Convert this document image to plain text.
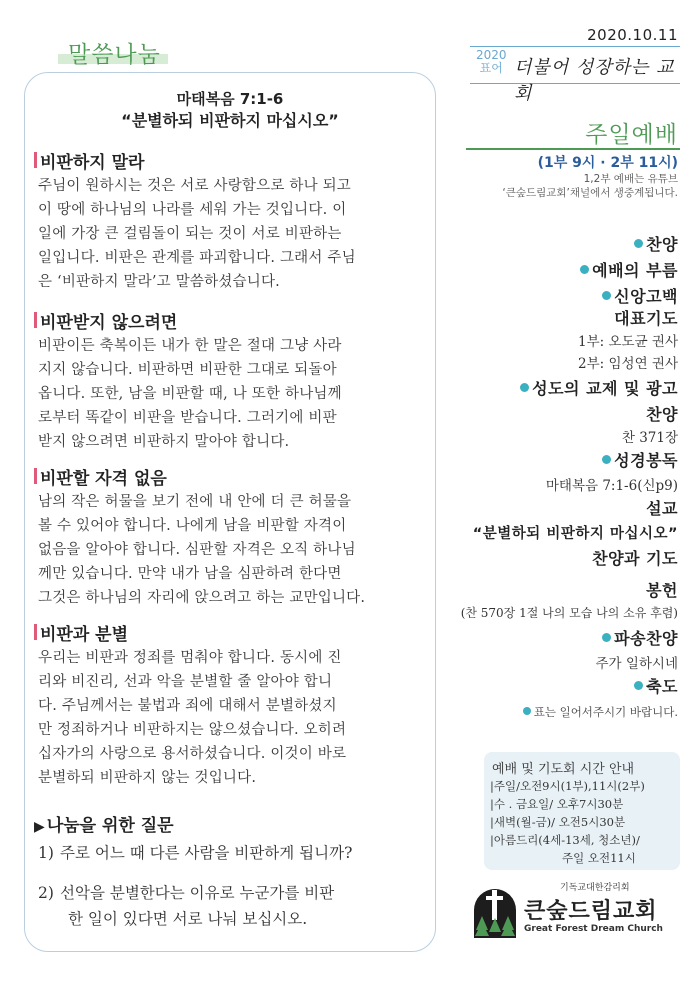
말씀나눔
마태복음 7:1-6
“분별하되 비판하지 마십시오”
비판하지 말라
주님이 원하시는 것은 서로 사랑함으로 하나 되고
이 땅에 하나님의 나라를 세워 가는 것입니다. 이
일에 가장 큰 걸림돌이 되는 것이 서로 비판하는
일입니다. 비판은 관계를 파괴합니다. 그래서 주님
은 ‘비판하지 말라’고 말씀하셨습니다.
비판받지 않으려면
비판이든 축복이든 내가 한 말은 절대 그냥 사라
지지 않습니다. 비판하면 비판한 그대로 되돌아
옵니다. 또한, 남을 비판할 때, 나 또한 하나님께
로부터 똑같이 비판을 받습니다. 그러기에 비판
받지 않으려면 비판하지 말아야 합니다.
비판할 자격 없음
남의 작은 허물을 보기 전에 내 안에 더 큰 허물을
볼 수 있어야 합니다. 나에게 남을 비판할 자격이
없음을 알아야 합니다. 심판할 자격은 오직 하나님
께만 있습니다. 만약 내가 남을 심판하려 한다면
그것은 하나님의 자리에 앉으려고 하는 교만입니다.
비판과 분별
우리는 비판과 정죄를 멈춰야 합니다. 동시에 진
리와 비진리, 선과 악을 분별할 줄 알아야 합니
다. 주님께서는 불법과 죄에 대해서 분별하셨지
만 정죄하거나 비판하지는 않으셨습니다. 오히려
십자가의 사랑으로 용서하셨습니다. 이것이 바로
분별하되 비판하지 않는 것입니다.
▶ 나눔을 위한 질문
1) 주로 어느 때 다른 사람을 비판하게 됩니까?
2) 선악을 분별한다는 이유로 누군가를 비판
한 일이 있다면 서로 나눠 보십시오.
2020.10.11
2020
표어 더불어 성장하는 교회
주일예배
(1부 9시 · 2부 11시)
1,2부 예배는 유튜브
‘큰숲드림교회’채널에서 생중계됩니다.
찬양
예배의 부름
신앙고백
대표기도
1부: 오도균 권사
2부: 임성연 권사
성도의 교제 및 광고
찬양
찬 371장
성경봉독
마태복음 7:1-6(신p9)
설교
“분별하되 비판하지 마십시오”
찬양과 기도
봉헌
(찬 570장 1절 나의 모습 나의 소유 후렴)
파송찬양
주가 일하시네
축도
표는 일어서주시기 바랍니다.
예배 및 기도회 시간 안내
|주일/오전9시(1부),11시(2부)
|수 . 금요일/ 오후7시30분
|새벽(월-금)/ 오전5시30분
|아름드리(4세-13세, 청소년)/
주일 오전11시
기독교대한감리회
큰숲드림교회
Great Forest Dream Church
